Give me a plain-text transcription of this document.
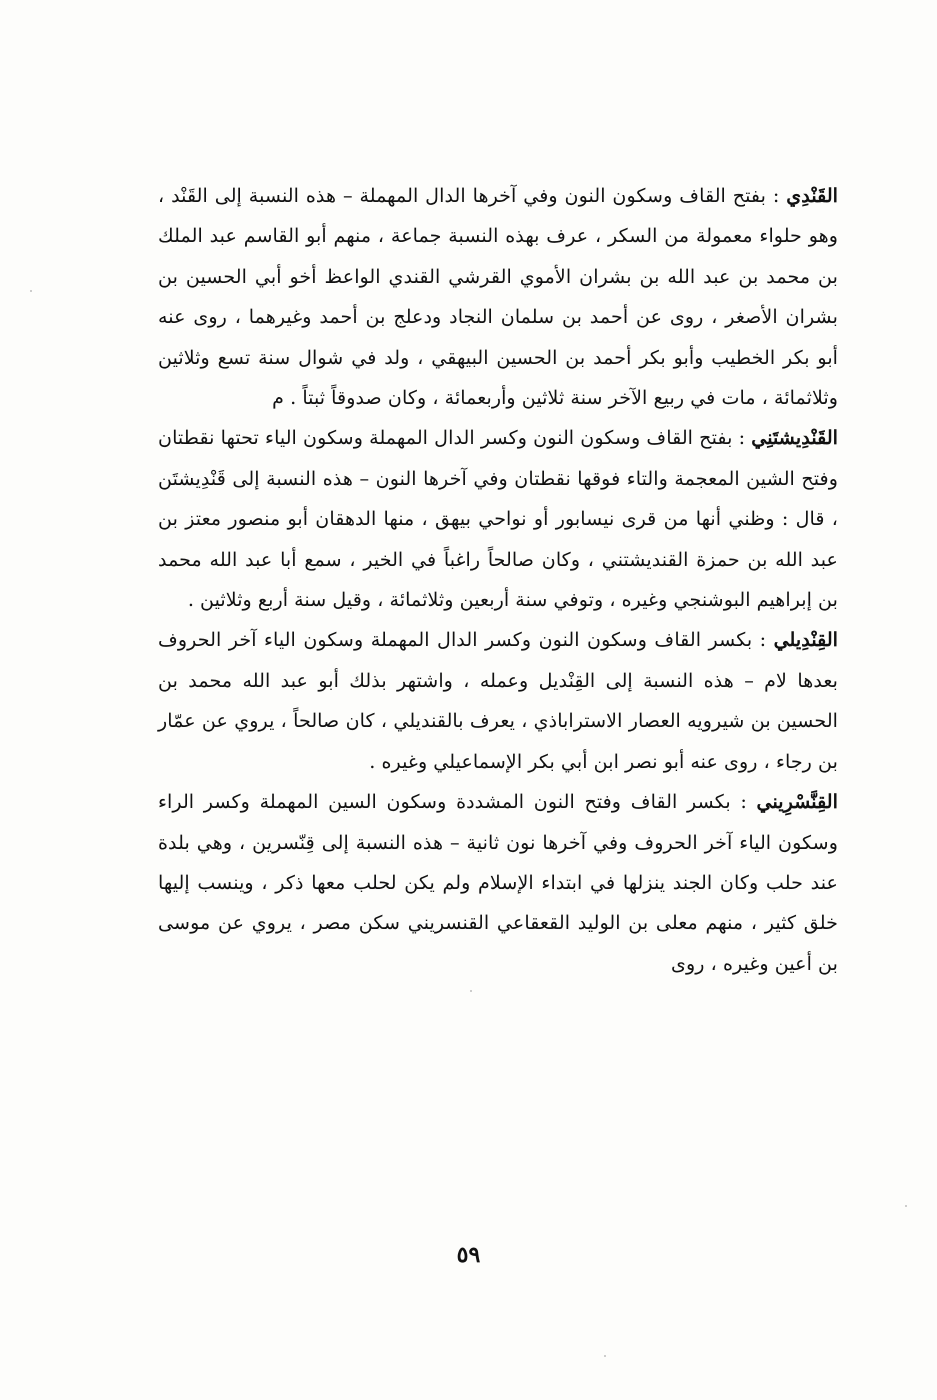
القَنْدِي : بفتح القاف وسكون النون وفي آخرها الدال المهملة – هذه النسبة إلى القَنْد ، وهو حلواء معمولة من السكر ، عرف بهذه النسبة جماعة ، منهم أبو القاسم عبد الملك بن محمد بن عبد الله بن بشران الأموي القرشي القندي الواعظ أخو أبي الحسين بن بشران الأصغر ، روى عن أحمد بن سلمان النجاد ودعلج بن أحمد وغيرهما ، روى عنه أبو بكر الخطيب وأبو بكر أحمد بن الحسين البيهقي ، ولد في شوال سنة تسع وثلاثين وثلاثمائة ، مات في ربيع الآخر سنة ثلاثين وأربعمائة ، وكان صدوقاً ثبتاً . م

القَنْدِيشتَنِي : بفتح القاف وسكون النون وكسر الدال المهملة وسكون الياء تحتها نقطتان وفتح الشين المعجمة والتاء فوقها نقطتان وفي آخرها النون – هذه النسبة إلى قَنْدِيشتَن ، قال : وظني أنها من قرى نيسابور أو نواحي بيهق ، منها الدهقان أبو منصور معتز بن عبد الله بن حمزة القنديشتني ، وكان صالحاً راغباً في الخير ، سمع أبا عبد الله محمد بن إبراهيم البوشنجي وغيره ، وتوفي سنة أربعين وثلاثمائة ، وقيل سنة أربع وثلاثين .

القِنْدِيلي : بكسر القاف وسكون النون وكسر الدال المهملة وسكون الياء آخر الحروف بعدها لام – هذه النسبة إلى القِنْديل وعمله ، واشتهر بذلك أبو عبد الله محمد بن الحسين بن شيرويه العصار الاستراباذي ، يعرف بالقنديلي ، كان صالحاً ، يروي عن عمّار بن رجاء ، روى عنه أبو نصر ابن أبي بكر الإسماعيلي وغيره .

القِنَّسْرِيني : بكسر القاف وفتح النون المشددة وسكون السين المهملة وكسر الراء وسكون الياء آخر الحروف وفي آخرها نون ثانية – هذه النسبة إلى قِنّسرين ، وهي بلدة عند حلب وكان الجند ينزلها في ابتداء الإسلام ولم يكن لحلب معها ذكر ، وينسب إليها خلق كثير ، منهم معلى بن الوليد القعقاعي القنسريني سكن مصر ، يروي عن موسى بن أعين وغيره ، روى

٥٩
